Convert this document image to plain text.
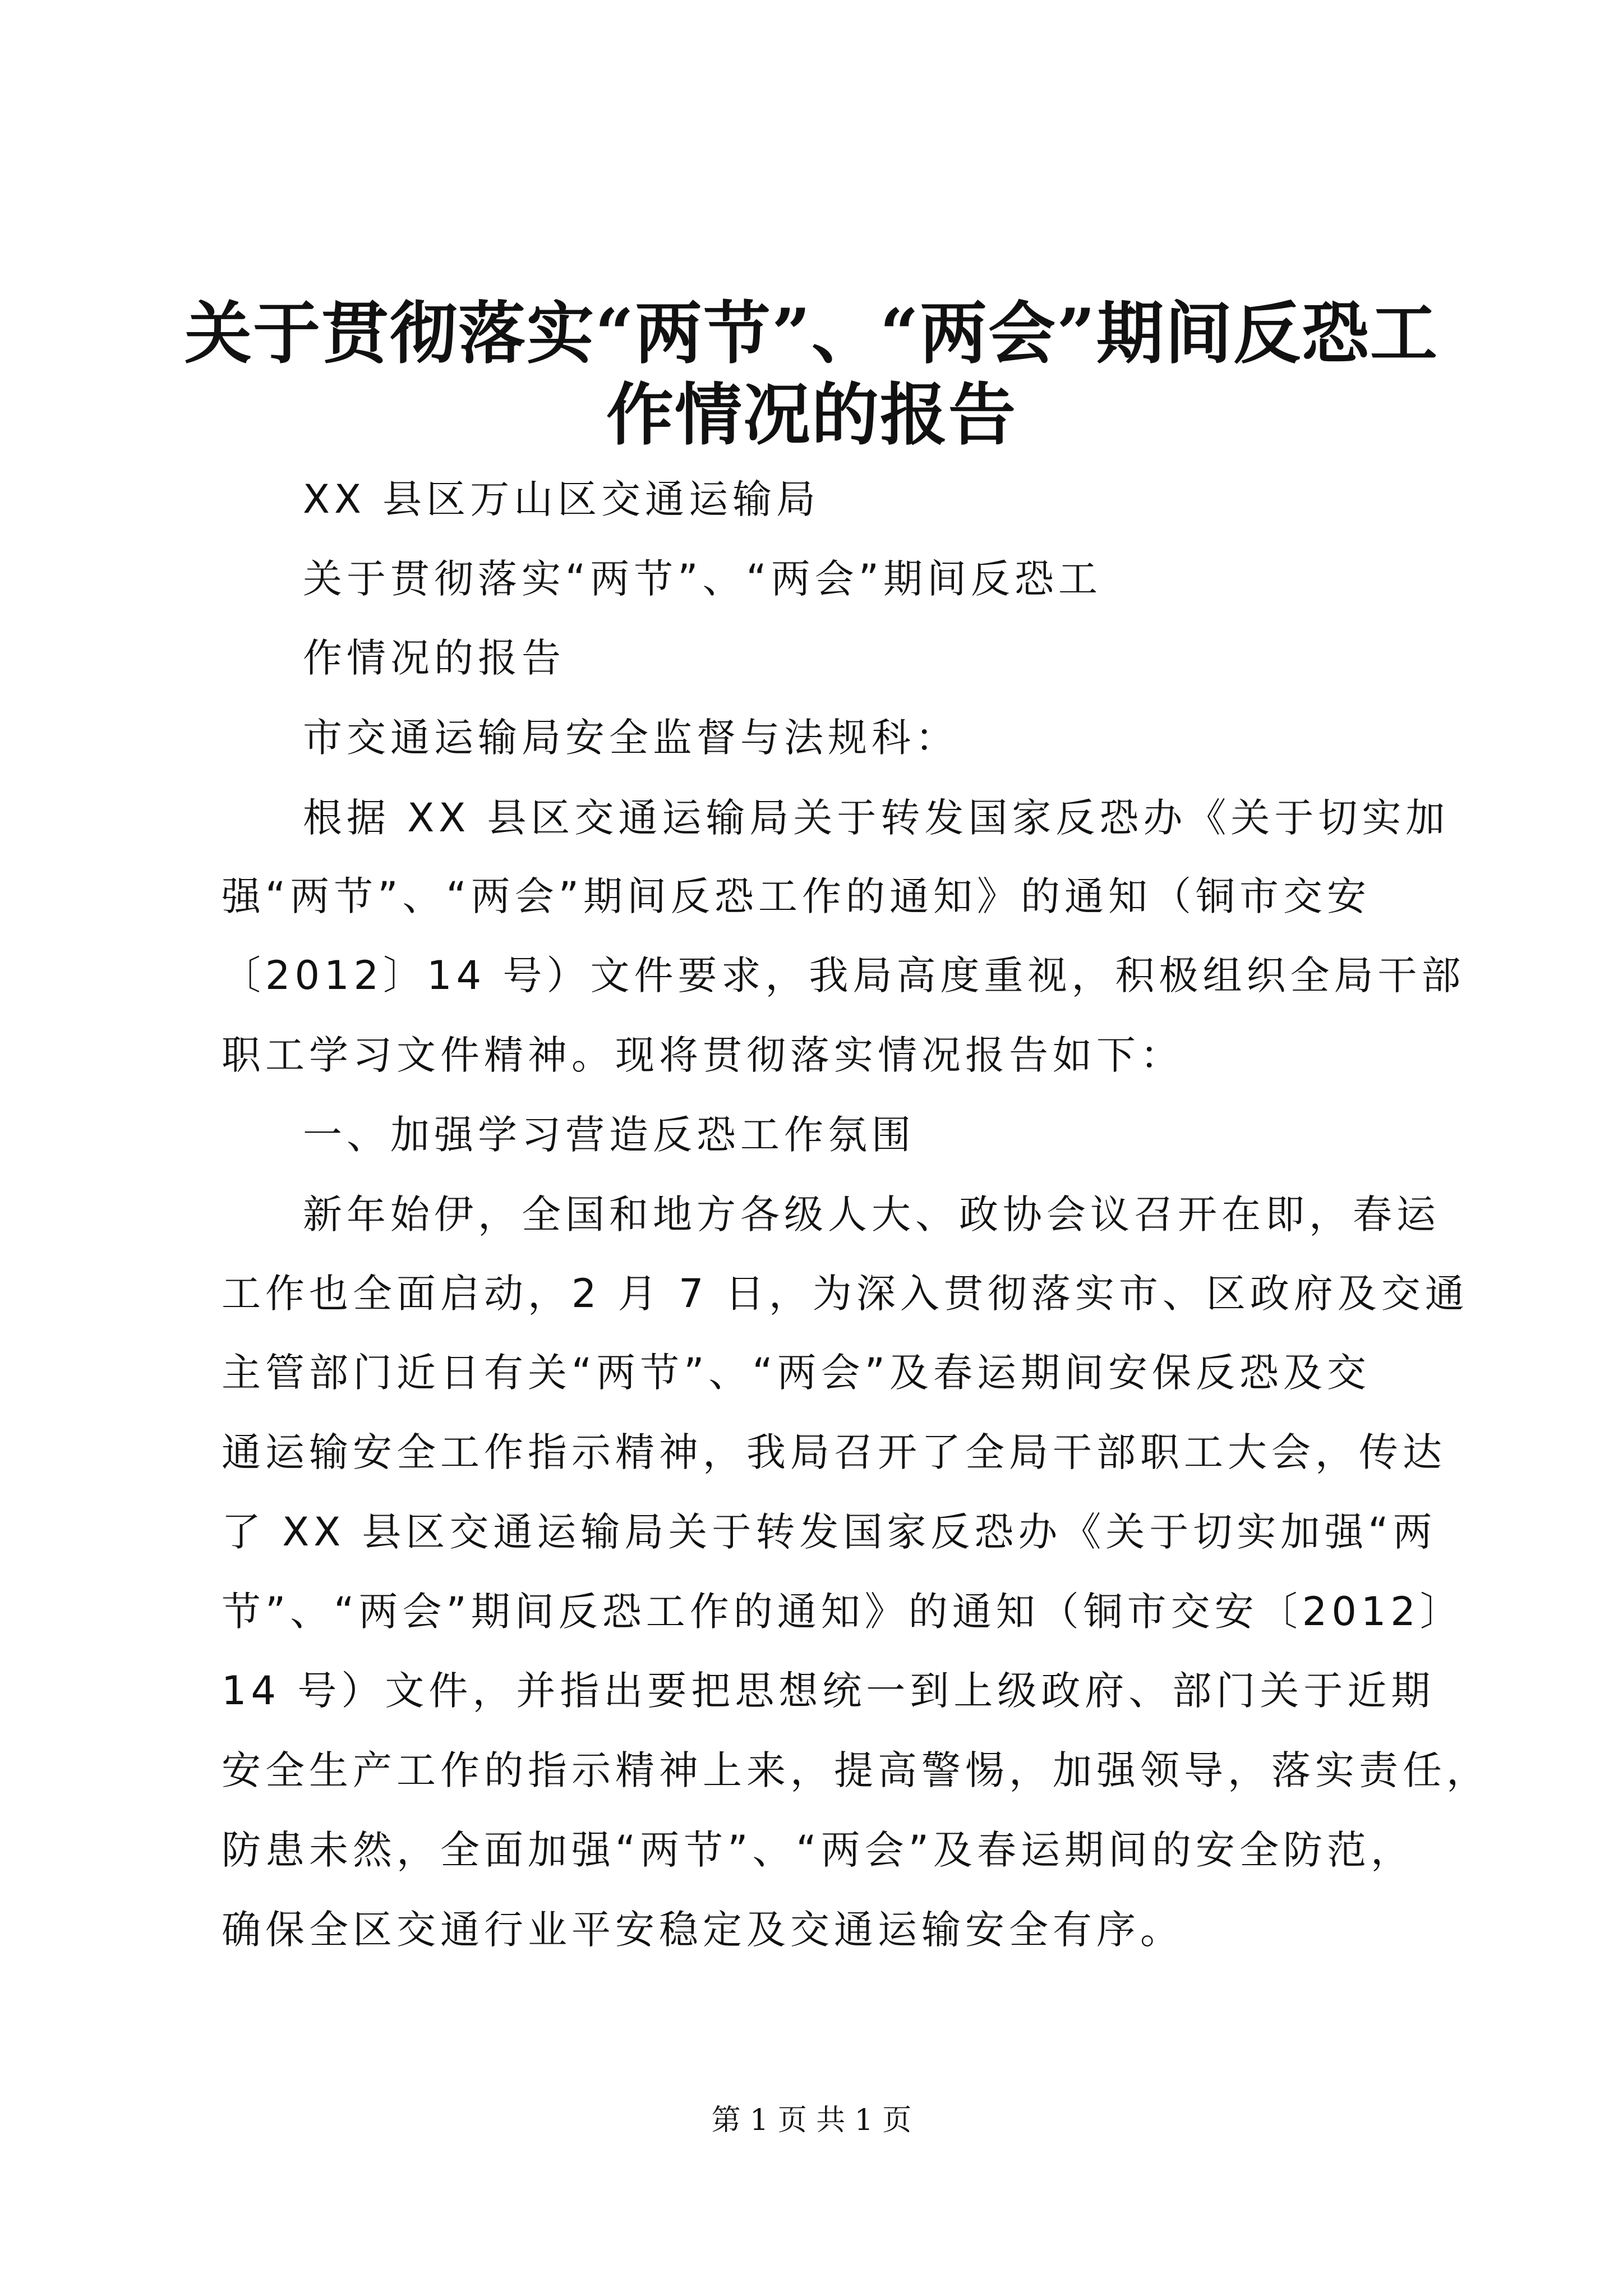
关于贯彻落实“两节”、“两会”期间反恐工
作情况的报告

XX 县区万山区交通运输局

关于贯彻落实“两节”、“两会”期间反恐工

作情况的报告

市交通运输局安全监督与法规科：

根据 XX 县区交通运输局关于转发国家反恐办《关于切实加

强“两节”、“两会”期间反恐工作的通知》的通知（铜市交安

〔2012〕14 号）文件要求，我局高度重视，积极组织全局干部

职工学习文件精神。现将贯彻落实情况报告如下：

一、加强学习营造反恐工作氛围

新年始伊，全国和地方各级人大、政协会议召开在即，春运

工作也全面启动，2 月 7 日，为深入贯彻落实市、区政府及交通

主管部门近日有关“两节”、“两会”及春运期间安保反恐及交

通运输安全工作指示精神，我局召开了全局干部职工大会，传达

了 XX 县区交通运输局关于转发国家反恐办《关于切实加强“两

节”、“两会”期间反恐工作的通知》的通知（铜市交安〔2012〕

14 号）文件，并指出要把思想统一到上级政府、部门关于近期

安全生产工作的指示精神上来，提高警惕，加强领导，落实责任，

防患未然，全面加强“两节”、“两会”及春运期间的安全防范，

确保全区交通行业平安稳定及交通运输安全有序。

第 1 页 共 1 页
